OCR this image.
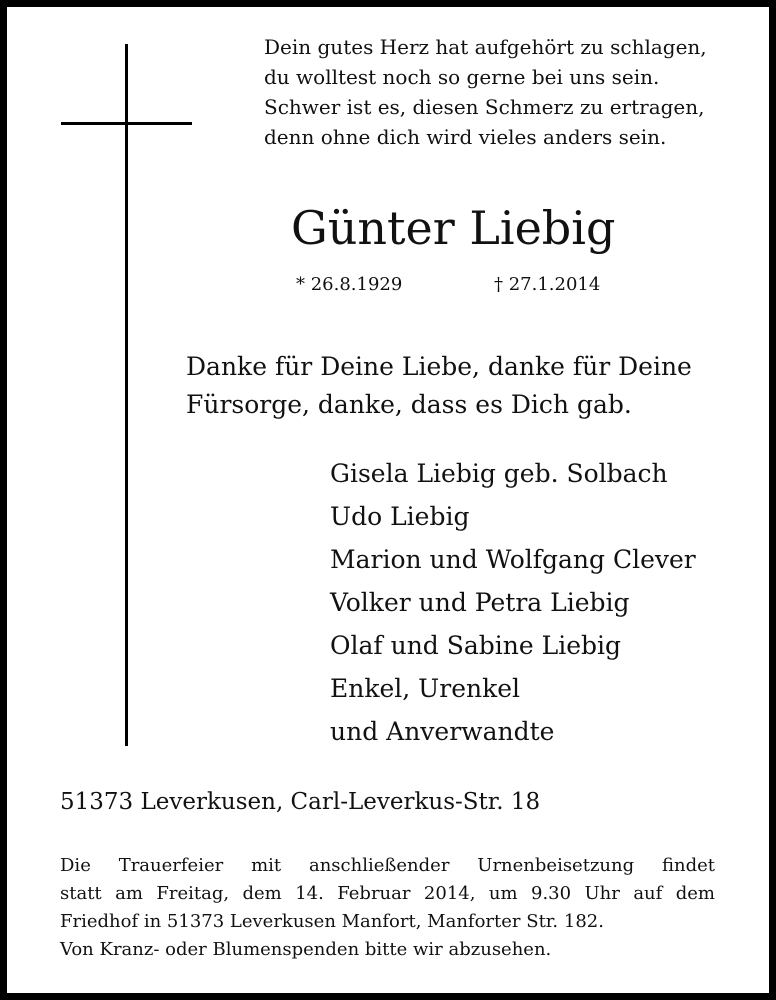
Dein gutes Herz hat aufgehört zu schlagen,
du wolltest noch so gerne bei uns sein.
Schwer ist es, diesen Schmerz zu ertragen,
denn ohne dich wird vieles anders sein.
Günter Liebig
* 26.8.1929	† 27.1.2014
Danke für Deine Liebe, danke für Deine
Fürsorge, danke, dass es Dich gab.
Gisela Liebig geb. Solbach
Udo Liebig
Marion und Wolfgang Clever
Volker und Petra Liebig
Olaf und Sabine Liebig
Enkel, Urenkel
und Anverwandte
51373 Leverkusen, Carl-Leverkus-Str. 18
Die Trauerfeier mit anschließender Urnenbeisetzung findet
statt am Freitag, dem 14. Februar 2014, um 9.30 Uhr auf dem
Friedhof in 51373 Leverkusen Manfort, Manforter Str. 182.
Von Kranz- oder Blumenspenden bitte wir abzusehen.
